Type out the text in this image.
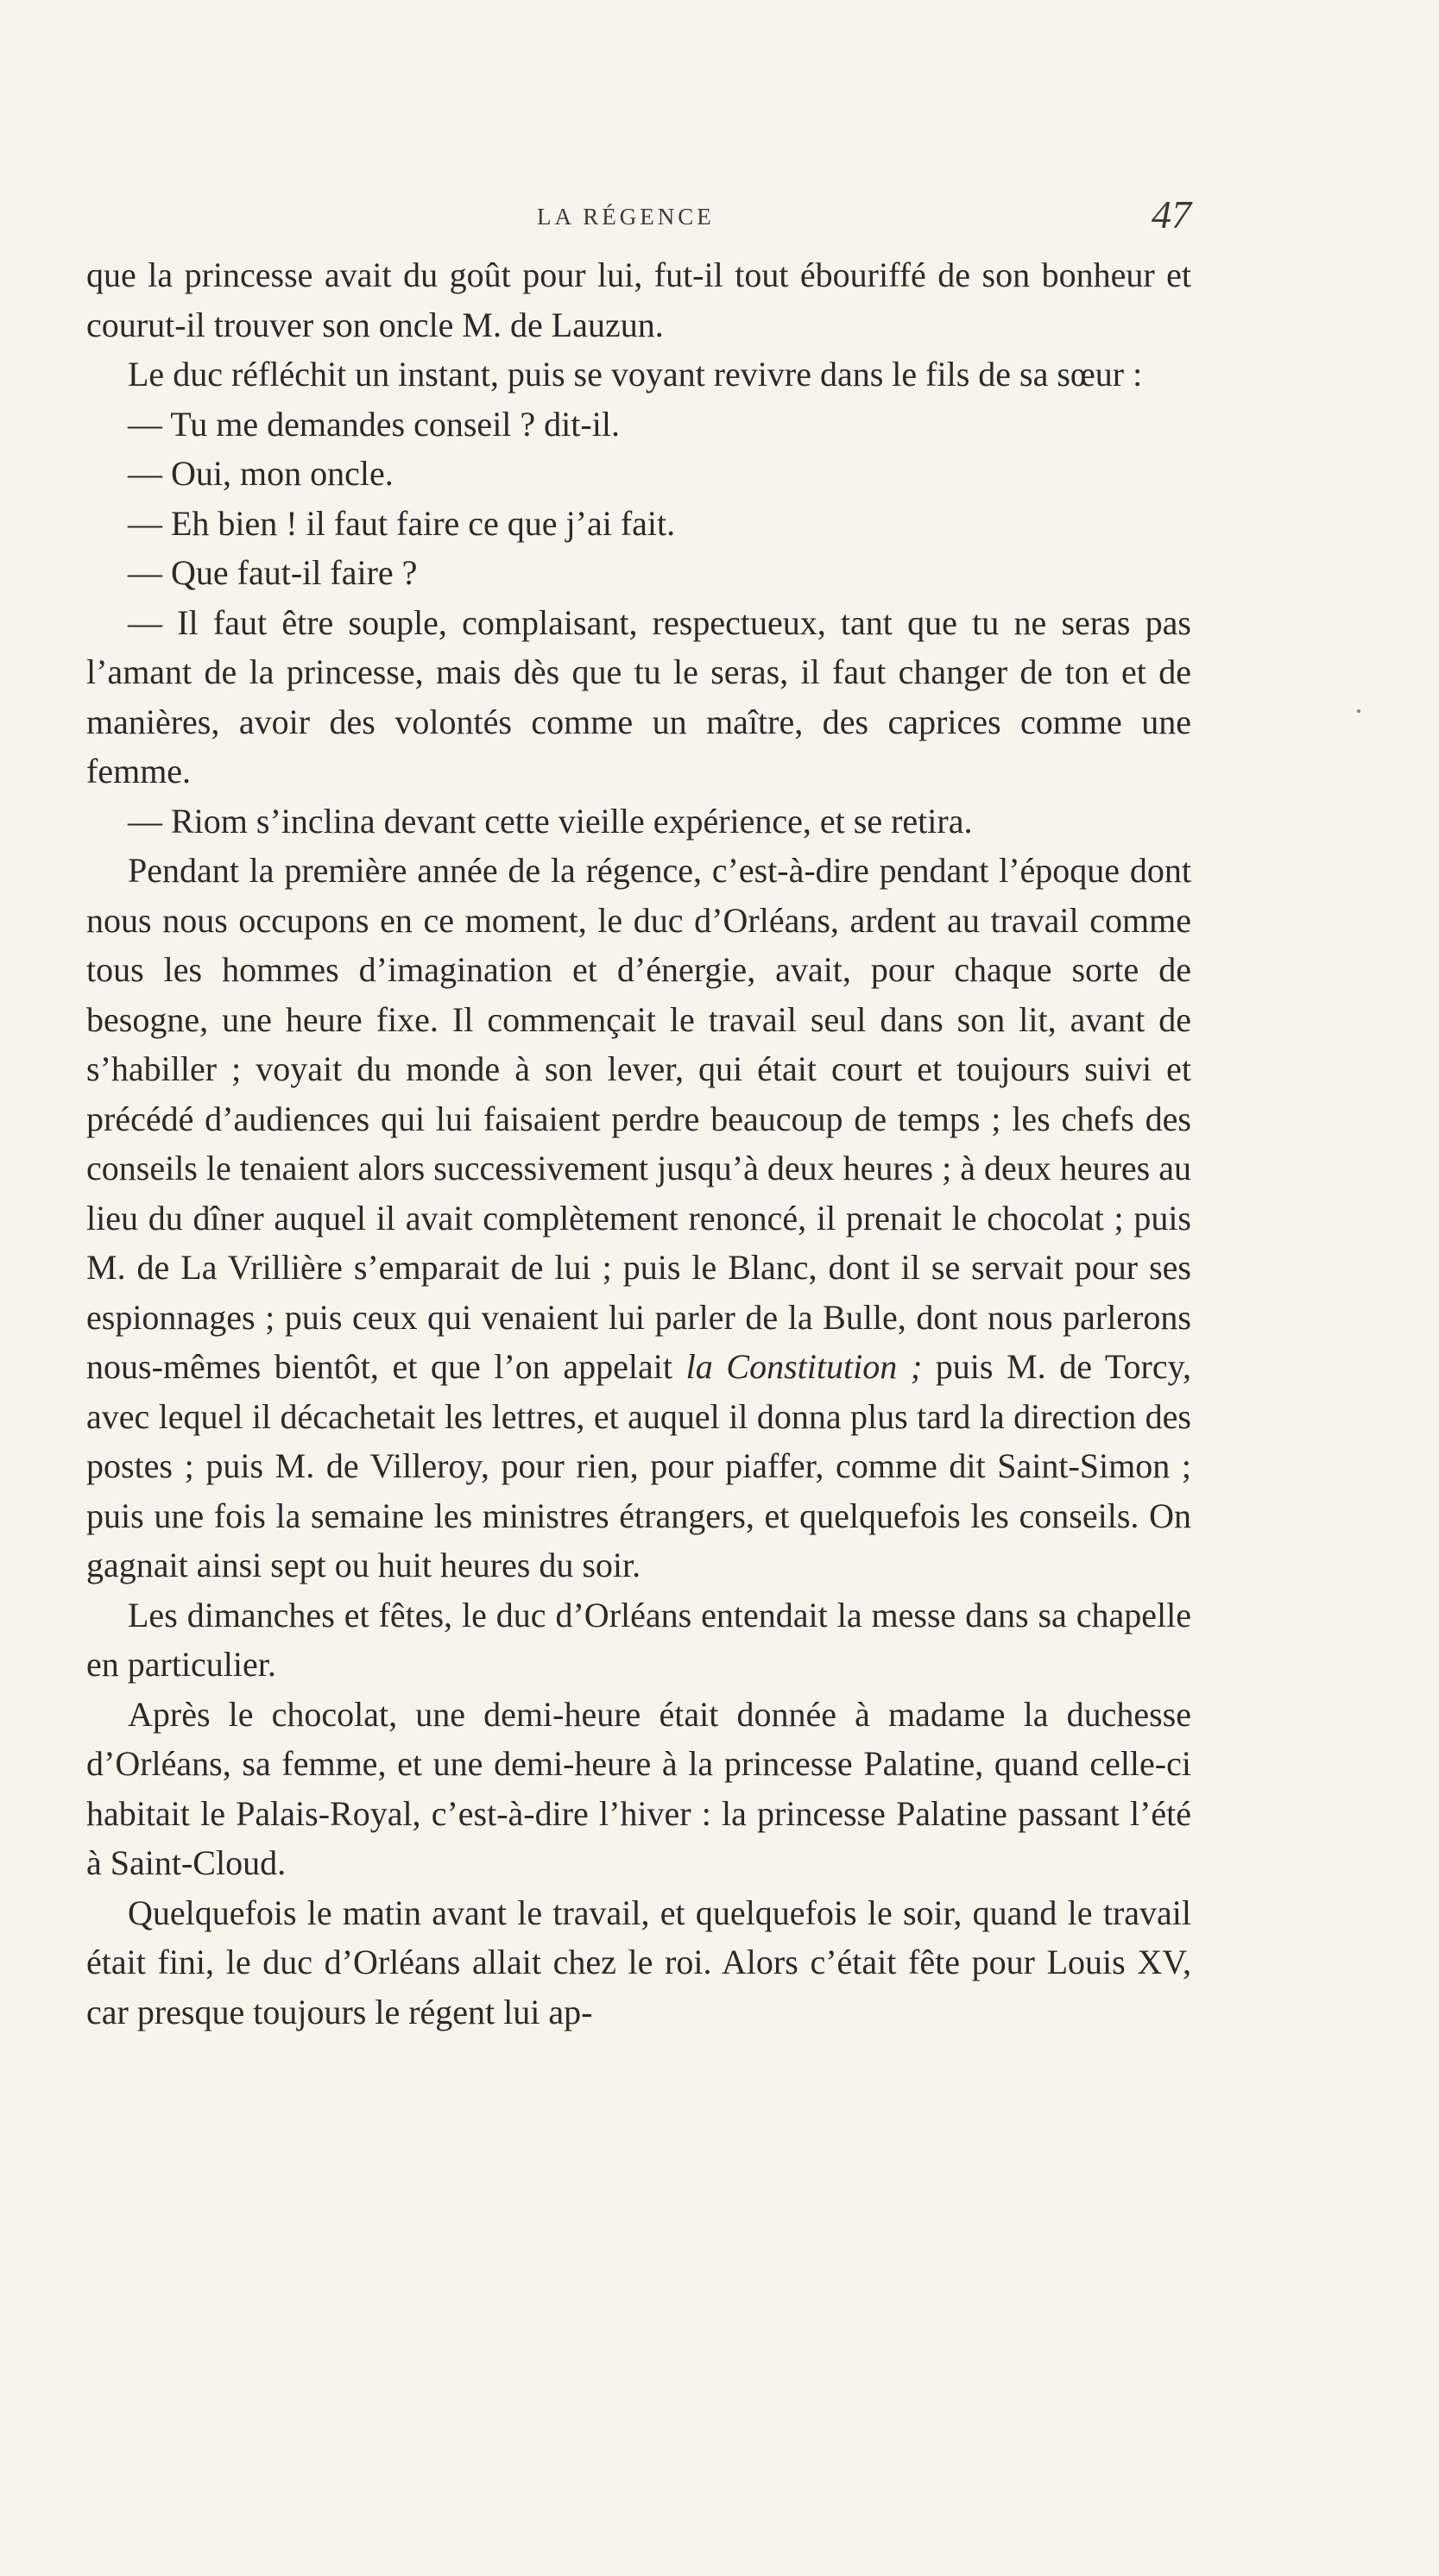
LA RÉGENCE	47

que la princesse avait du goût pour lui, fut-il tout ébouriffé de son bonheur et courut-il trouver son oncle M. de Lauzun.

Le duc réfléchit un instant, puis se voyant revivre dans le fils de sa sœur :

— Tu me demandes conseil ? dit-il.

— Oui, mon oncle.

— Eh bien ! il faut faire ce que j’ai fait.

— Que faut-il faire ?

— Il faut être souple, complaisant, respectueux, tant que tu ne seras pas l’amant de la princesse, mais dès que tu le seras, il faut changer de ton et de manières, avoir des volontés comme un maître, des caprices comme une femme.

— Riom s’inclina devant cette vieille expérience, et se retira.

Pendant la première année de la régence, c’est-à-dire pendant l’époque dont nous nous occupons en ce moment, le duc d’Orléans, ardent au travail comme tous les hommes d’imagination et d’énergie, avait, pour chaque sorte de besogne, une heure fixe. Il commençait le travail seul dans son lit, avant de s’habiller ; voyait du monde à son lever, qui était court et toujours suivi et précédé d’audiences qui lui faisaient perdre beaucoup de temps ; les chefs des conseils le tenaient alors successivement jusqu’à deux heures ; à deux heures au lieu du dîner auquel il avait complètement renoncé, il prenait le chocolat ; puis M. de La Vrillière s’emparait de lui ; puis le Blanc, dont il se servait pour ses espionnages ; puis ceux qui venaient lui parler de la Bulle, dont nous parlerons nous-mêmes bientôt, et que l’on appelait la Constitution ; puis M. de Torcy, avec lequel il décachetait les lettres, et auquel il donna plus tard la direction des postes ; puis M. de Villeroy, pour rien, pour piaffer, comme dit Saint-Simon ; puis une fois la semaine les ministres étrangers, et quelquefois les conseils. On gagnait ainsi sept ou huit heures du soir.

Les dimanches et fêtes, le duc d’Orléans entendait la messe dans sa chapelle en particulier.

Après le chocolat, une demi-heure était donnée à madame la duchesse d’Orléans, sa femme, et une demi-heure à la princesse Palatine, quand celle-ci habitait le Palais-Royal, c’est-à-dire l’hiver : la princesse Palatine passant l’été à Saint-Cloud.

Quelquefois le matin avant le travail, et quelquefois le soir, quand le travail était fini, le duc d’Orléans allait chez le roi. Alors c’était fête pour Louis XV, car presque toujours le régent lui ap-
